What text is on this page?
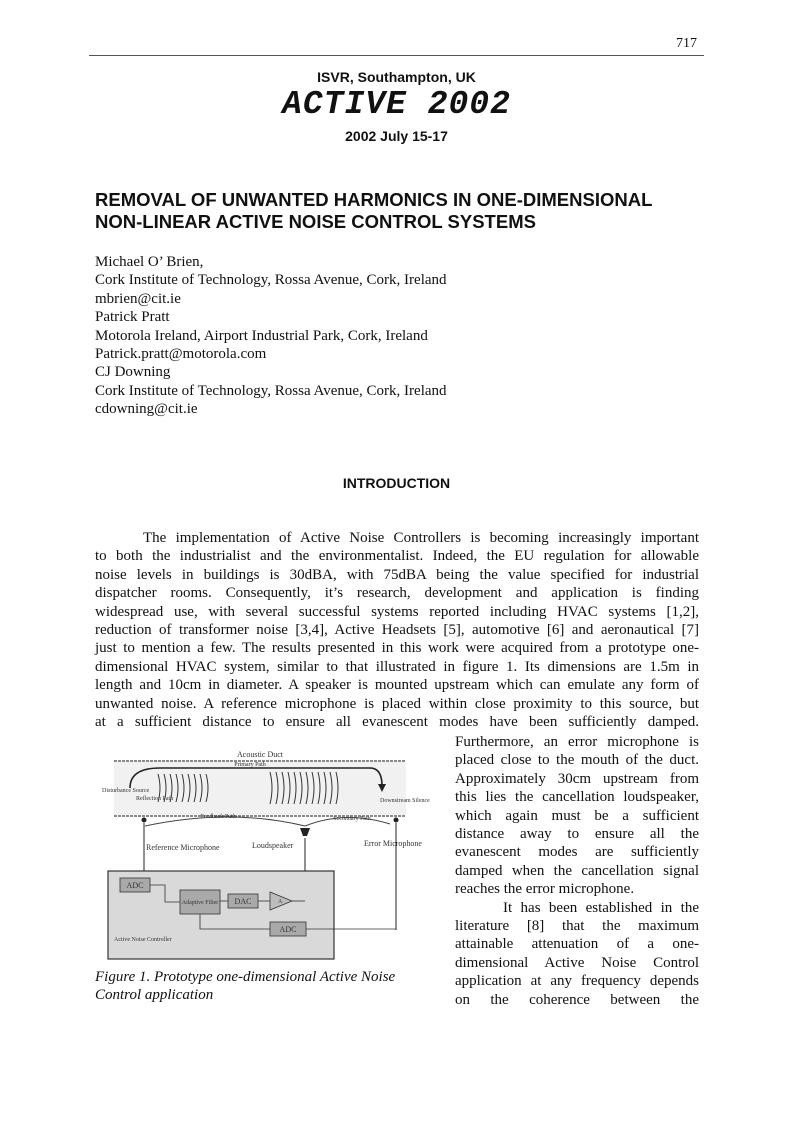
717
ISVR, Southampton, UK
ACTIVE 2002
2002 July 15-17
REMOVAL OF UNWANTED HARMONICS IN ONE-DIMENSIONAL
NON-LINEAR ACTIVE NOISE CONTROL SYSTEMS
Michael O’ Brien,
Cork Institute of Technology, Rossa Avenue, Cork, Ireland
mbrien@cit.ie
Patrick Pratt
Motorola Ireland, Airport Industrial Park, Cork, Ireland
Patrick.pratt@motorola.com
CJ Downing
Cork Institute of Technology, Rossa Avenue, Cork, Ireland
cdowning@cit.ie
INTRODUCTION
The implementation of Active Noise Controllers is becoming increasingly important
to both the industrialist and the environmentalist. Indeed, the EU regulation for allowable
noise levels in buildings is 30dBA, with 75dBA being the value specified for industrial
dispatcher rooms. Consequently, it’s research, development and application is finding
widespread use, with several successful systems reported including HVAC systems [1,2],
reduction of transformer noise [3,4], Active Headsets [5], automotive [6] and aeronautical [7]
just to mention a few. The results presented in this work were acquired from a prototype one-
dimensional HVAC system, similar to that illustrated in figure 1. Its dimensions are 1.5m in
length and 10cm in diameter. A speaker is mounted upstream which can emulate any form of
unwanted noise. A reference microphone is placed within close proximity to this source, but
at a sufficient distance to ensure all evanescent modes have been sufficiently damped.
Furthermore, an error microphone is
placed close to the mouth of the duct.
Approximately 30cm upstream from
this lies the cancellation loudspeaker,
which again must be a sufficient
distance away to ensure all the
evanescent modes are sufficiently
damped when the cancellation signal
reaches the error microphone.
It has been established in the
literature [8] that the maximum
attainable attenuation of a one-
dimensional Active Noise Control
application at any frequency depends
on the coherence between the
Acoustic Duct
Primary Path
Disturbance Source
Reflection Path	Downstream Silence
Feedback Path	Secondary Path
Loudspeaker
Reference Microphone	Error Microphone
ADC
Adaptive Filter DAC	A
ADC
Active Noise Controller
Figure 1. Prototype one-dimensional Active Noise
Control application
